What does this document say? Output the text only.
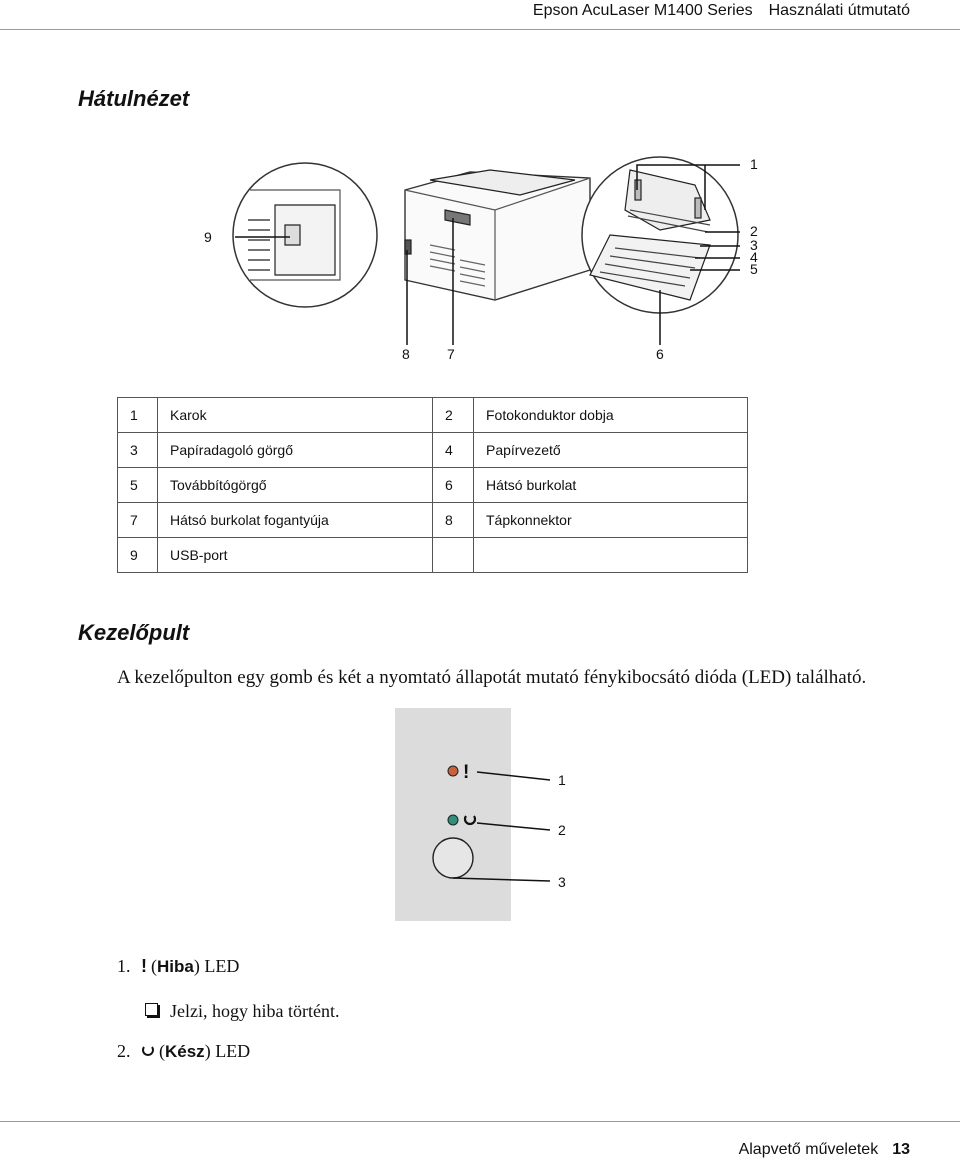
Epson AcuLaser M1400 Series Használati útmutató
Hátulnézet
1
2
3
4
5
6
7
8
9
1	Karok	2	Fotokonduktor dobja
3	Papíradagoló görgő	4	Papírvezető
5	Továbbítógörgő	6	Hátsó burkolat
7	Hátsó burkolat fogantyúja	8	Tápkonnektor
9	USB-port		
Kezelőpult
A kezelőpulton egy gomb és két a nyomtató állapotát mutató fénykibocsátó dióda (LED) található.
!	1
2
3
1. ! (Hiba) LED
Jelzi, hogy hiba történt.
2. (Kész) LED
Alapvető műveletek 13
